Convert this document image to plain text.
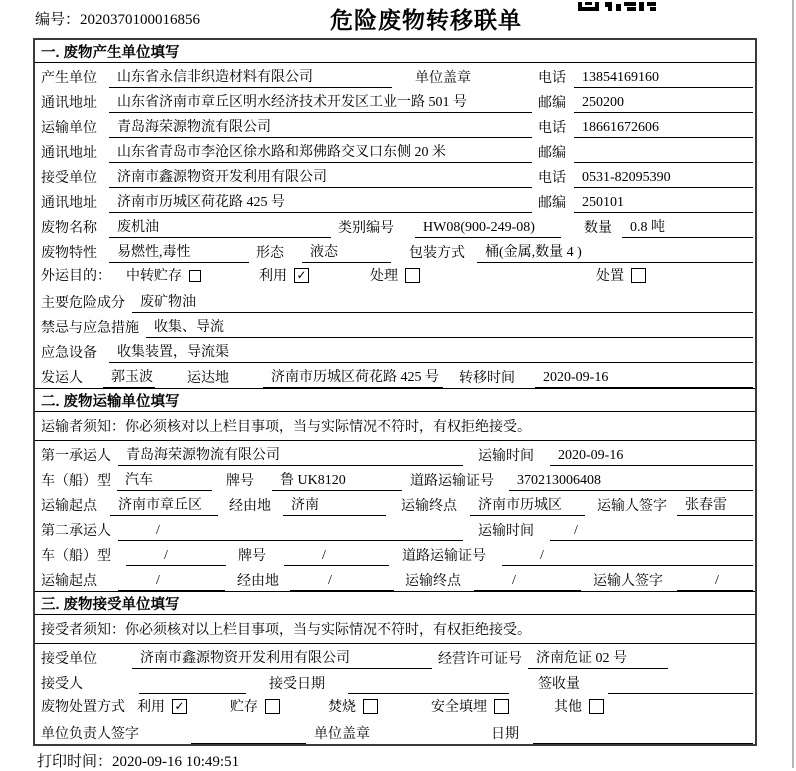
编号：2020370100016856	危险废物转移联单
一. 废物产生单位填写
产生单位	山东省永信非织造材料有限公司	单位盖章	电话	13854169160
通讯地址	山东省济南市章丘区明水经济技术开发区工业一路 501 号	邮编	250200
运输单位	青岛海荣源物流有限公司	电话	18661672606
通讯地址	山东省青岛市李沧区徐水路和郑佛路交叉口东侧 20 米	邮编
接受单位	济南市鑫源物资开发利用有限公司	电话	0531-82095390
通讯地址	济南市历城区荷花路 425 号	邮编	250101
废物名称	废机油	类别编号	HW08(900-249-08)	数量	0.8 吨
废物特性	易燃性,毒性	形态	液态	包装方式	桶(金属,数量 4 )
外运目的： 中转贮存	利用 ✓	处理	处置
主要危险成分	废矿物油
禁忌与应急措施	收集、导流
应急设备	收集装置，导流渠
发运人	郭玉波 运达地	济南市历城区荷花路 425 号 转移时间	2020-09-16
二. 废物运输单位填写
运输者须知：你必须核对以上栏目事项，当与实际情况不符时，有权拒绝接受。
第一承运人	青岛海荣源物流有限公司	运输时间	2020-09-16
车（船）型	汽车	牌号	鲁 UK8120	道路运输证号	370213006408
运输起点	济南市章丘区	经由地	济南	运输终点	济南市历城区	运输人签字	张春雷
第二承运人	/	运输时间	/
车（船）型	/	牌号	/	道路运输证号	/
运输起点	/	经由地	/	运输终点	/	运输人签字	/
三. 废物接受单位填写
接受者须知：你必须核对以上栏目事项，当与实际情况不符时，有权拒绝接受。
接受单位	济南市鑫源物资开发利用有限公司	经营许可证号	济南危证 02 号
接受人	接受日期	签收量
废物处置方式 利用 ✓	贮存	焚烧	安全填埋	其他
单位负责人签字	单位盖章	日期
打印时间：2020-09-16 10:49:51
